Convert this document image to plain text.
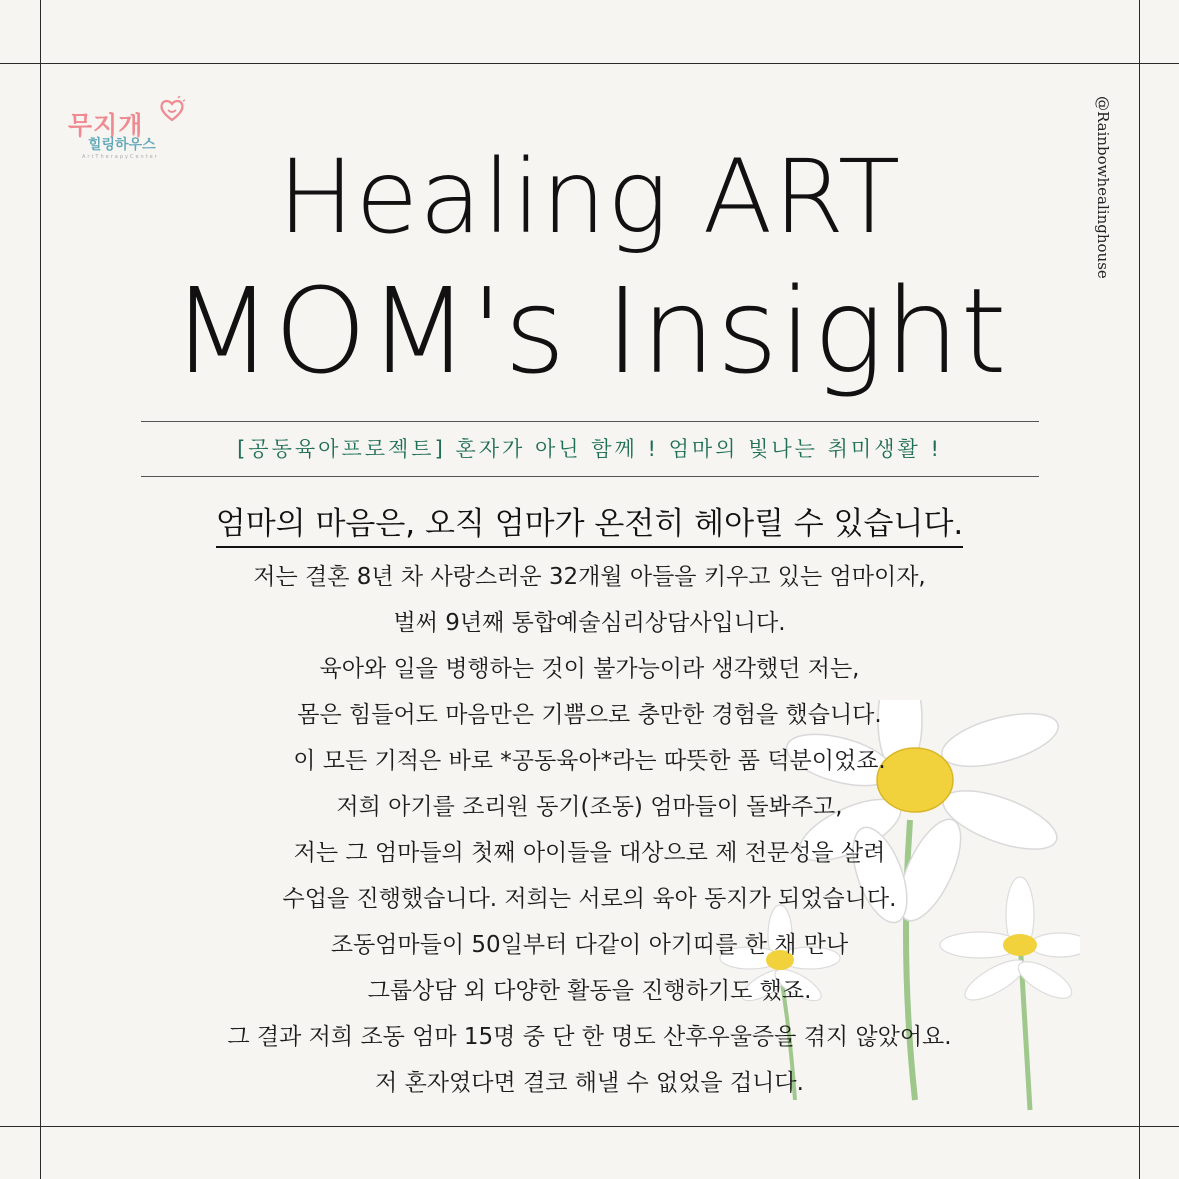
무지개
힐링하우스
ArtTherapyCenter	@Rainbowhealinghouse
Healing ART
MOM's Insight
[공동육아프로젝트] 혼자가 아닌 함께 ! 엄마의 빛나는 취미생활 !
엄마의 마음은, 오직 엄마가 온전히 헤아릴 수 있습니다.
저는 결혼 8년 차 사랑스러운 32개월 아들을 키우고 있는 엄마이자,
벌써 9년째 통합예술심리상담사입니다.
육아와 일을 병행하는 것이 불가능이라 생각했던 저는,
몸은 힘들어도 마음만은 기쁨으로 충만한 경험을 했습니다.
이 모든 기적은 바로 *공동육아*라는 따뜻한 품 덕분이었죠.
저희 아기를 조리원 동기(조동) 엄마들이 돌봐주고,
저는 그 엄마들의 첫째 아이들을 대상으로 제 전문성을 살려
수업을 진행했습니다. 저희는 서로의 육아 동지가 되었습니다.
조동엄마들이 50일부터 다같이 아기띠를 한 채 만나
그룹상담 외 다양한 활동을 진행하기도 했죠.
그 결과 저희 조동 엄마 15명 중 단 한 명도 산후우울증을 겪지 않았어요.
저 혼자였다면 결코 해낼 수 없었을 겁니다.
